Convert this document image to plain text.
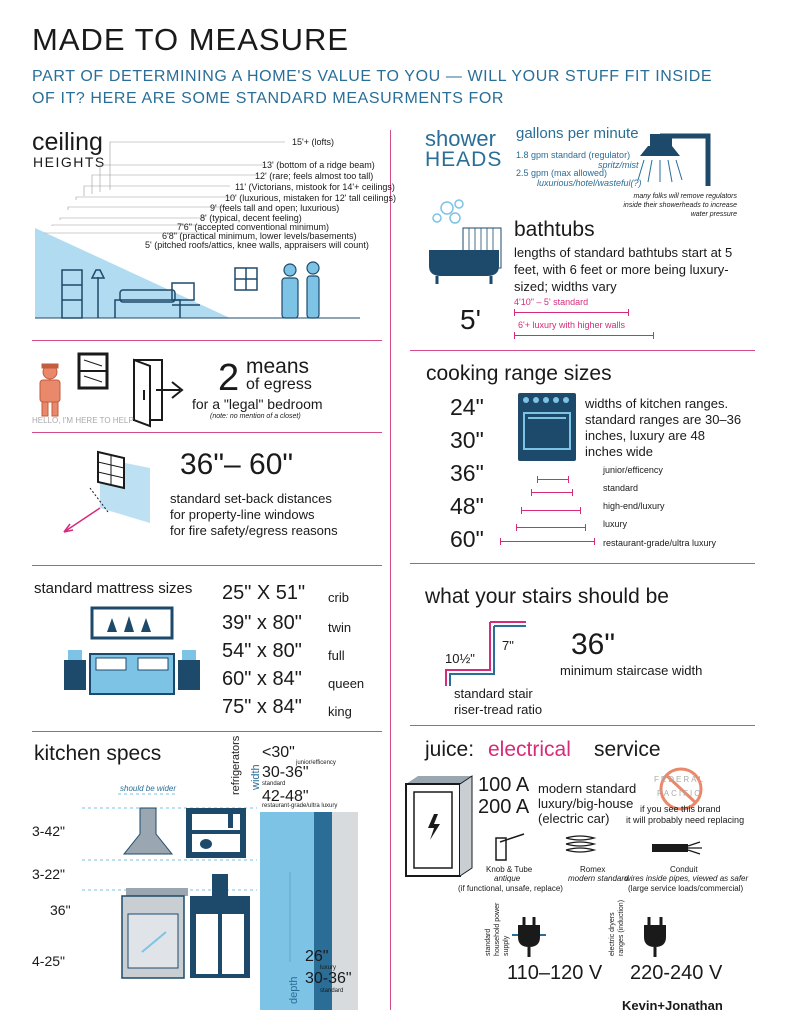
MADE TO MEASURE
PART OF DETERMINING A HOME'S VALUE TO YOU — WILL YOUR STUFF FIT INSIDE OF IT? HERE ARE SOME STANDARD MEASURMENTS FOR
ceiling
HEIGHTS
15'+ (lofts)
13' (bottom of a ridge beam)
12' (rare; feels almost too tall)
11' (Victorians, mistook for 14'+ ceilings)
10' (luxurious, mistaken for 12' tall ceilings)
9' (feels tall and open; luxurious)
8' (typical, decent feeling)
7'6" (accepted conventional minimum)
6'8" (practical minimum, lower levels/basements)
5' (pitched roofs/attics, knee walls, appraisers will count)
shower
HEADS
gallons per minute
1.8 gpm standard (regulator)
spritz/mist
2.5 gpm (max allowed)
luxurious/hotel/wasteful(?)
many folks will remove regulators inside their showerheads to increase water pressure
bathtubs
lengths of standard bathtubs start at 5 feet, with 6 feet or more being luxury-sized; widths vary
5'
4'10" – 5' standard
6'+ luxury with higher walls
HELLO, I'M HERE TO HELP
2 means
of egress
for a "legal" bedroom
(note: no mention of a closet)
36"– 60"
standard set-back distances
for property-line windows
for fire safety/egress reasons
cooking range sizes
24"
30"
36"
48"
60"
widths of kitchen ranges. standard ranges are 30–36 inches, luxury are 48 inches wide
junior/efficency
standard
high-end/luxury
luxury
restaurant-grade/ultra luxury
standard mattress sizes 25" X 51" crib
39" x 80" twin
54" x 80" full
60" x 84" queen
75" x 84" king
what your stairs should be
7"
10½"
standard stair
riser-tread ratio
36"
minimum staircase width
kitchen specs
should be wider
3-42"
3-22"
36"
4-25"
refrigerators width
<30"
junior/efficency
30-36"
standard
42-48"
restaurant-grade/ultra luxury
depth
26"
luxury
30-36"
standard
juice: electrical service
100 A modern standard
200 A luxury/big-house
(electric car)
FEDERAL
PACIFIC
if you see this brand
it will probably need replacing
Knob & Tube
antique
(if functional, unsafe, replace)
Romex
modern standard
Conduit
wires inside pipes, viewed as safer
(large service loads/commercial)
standard household power supply	electric dryers ranges (induction)
110–120 V 220-240 V
Kevin+Jonathan
